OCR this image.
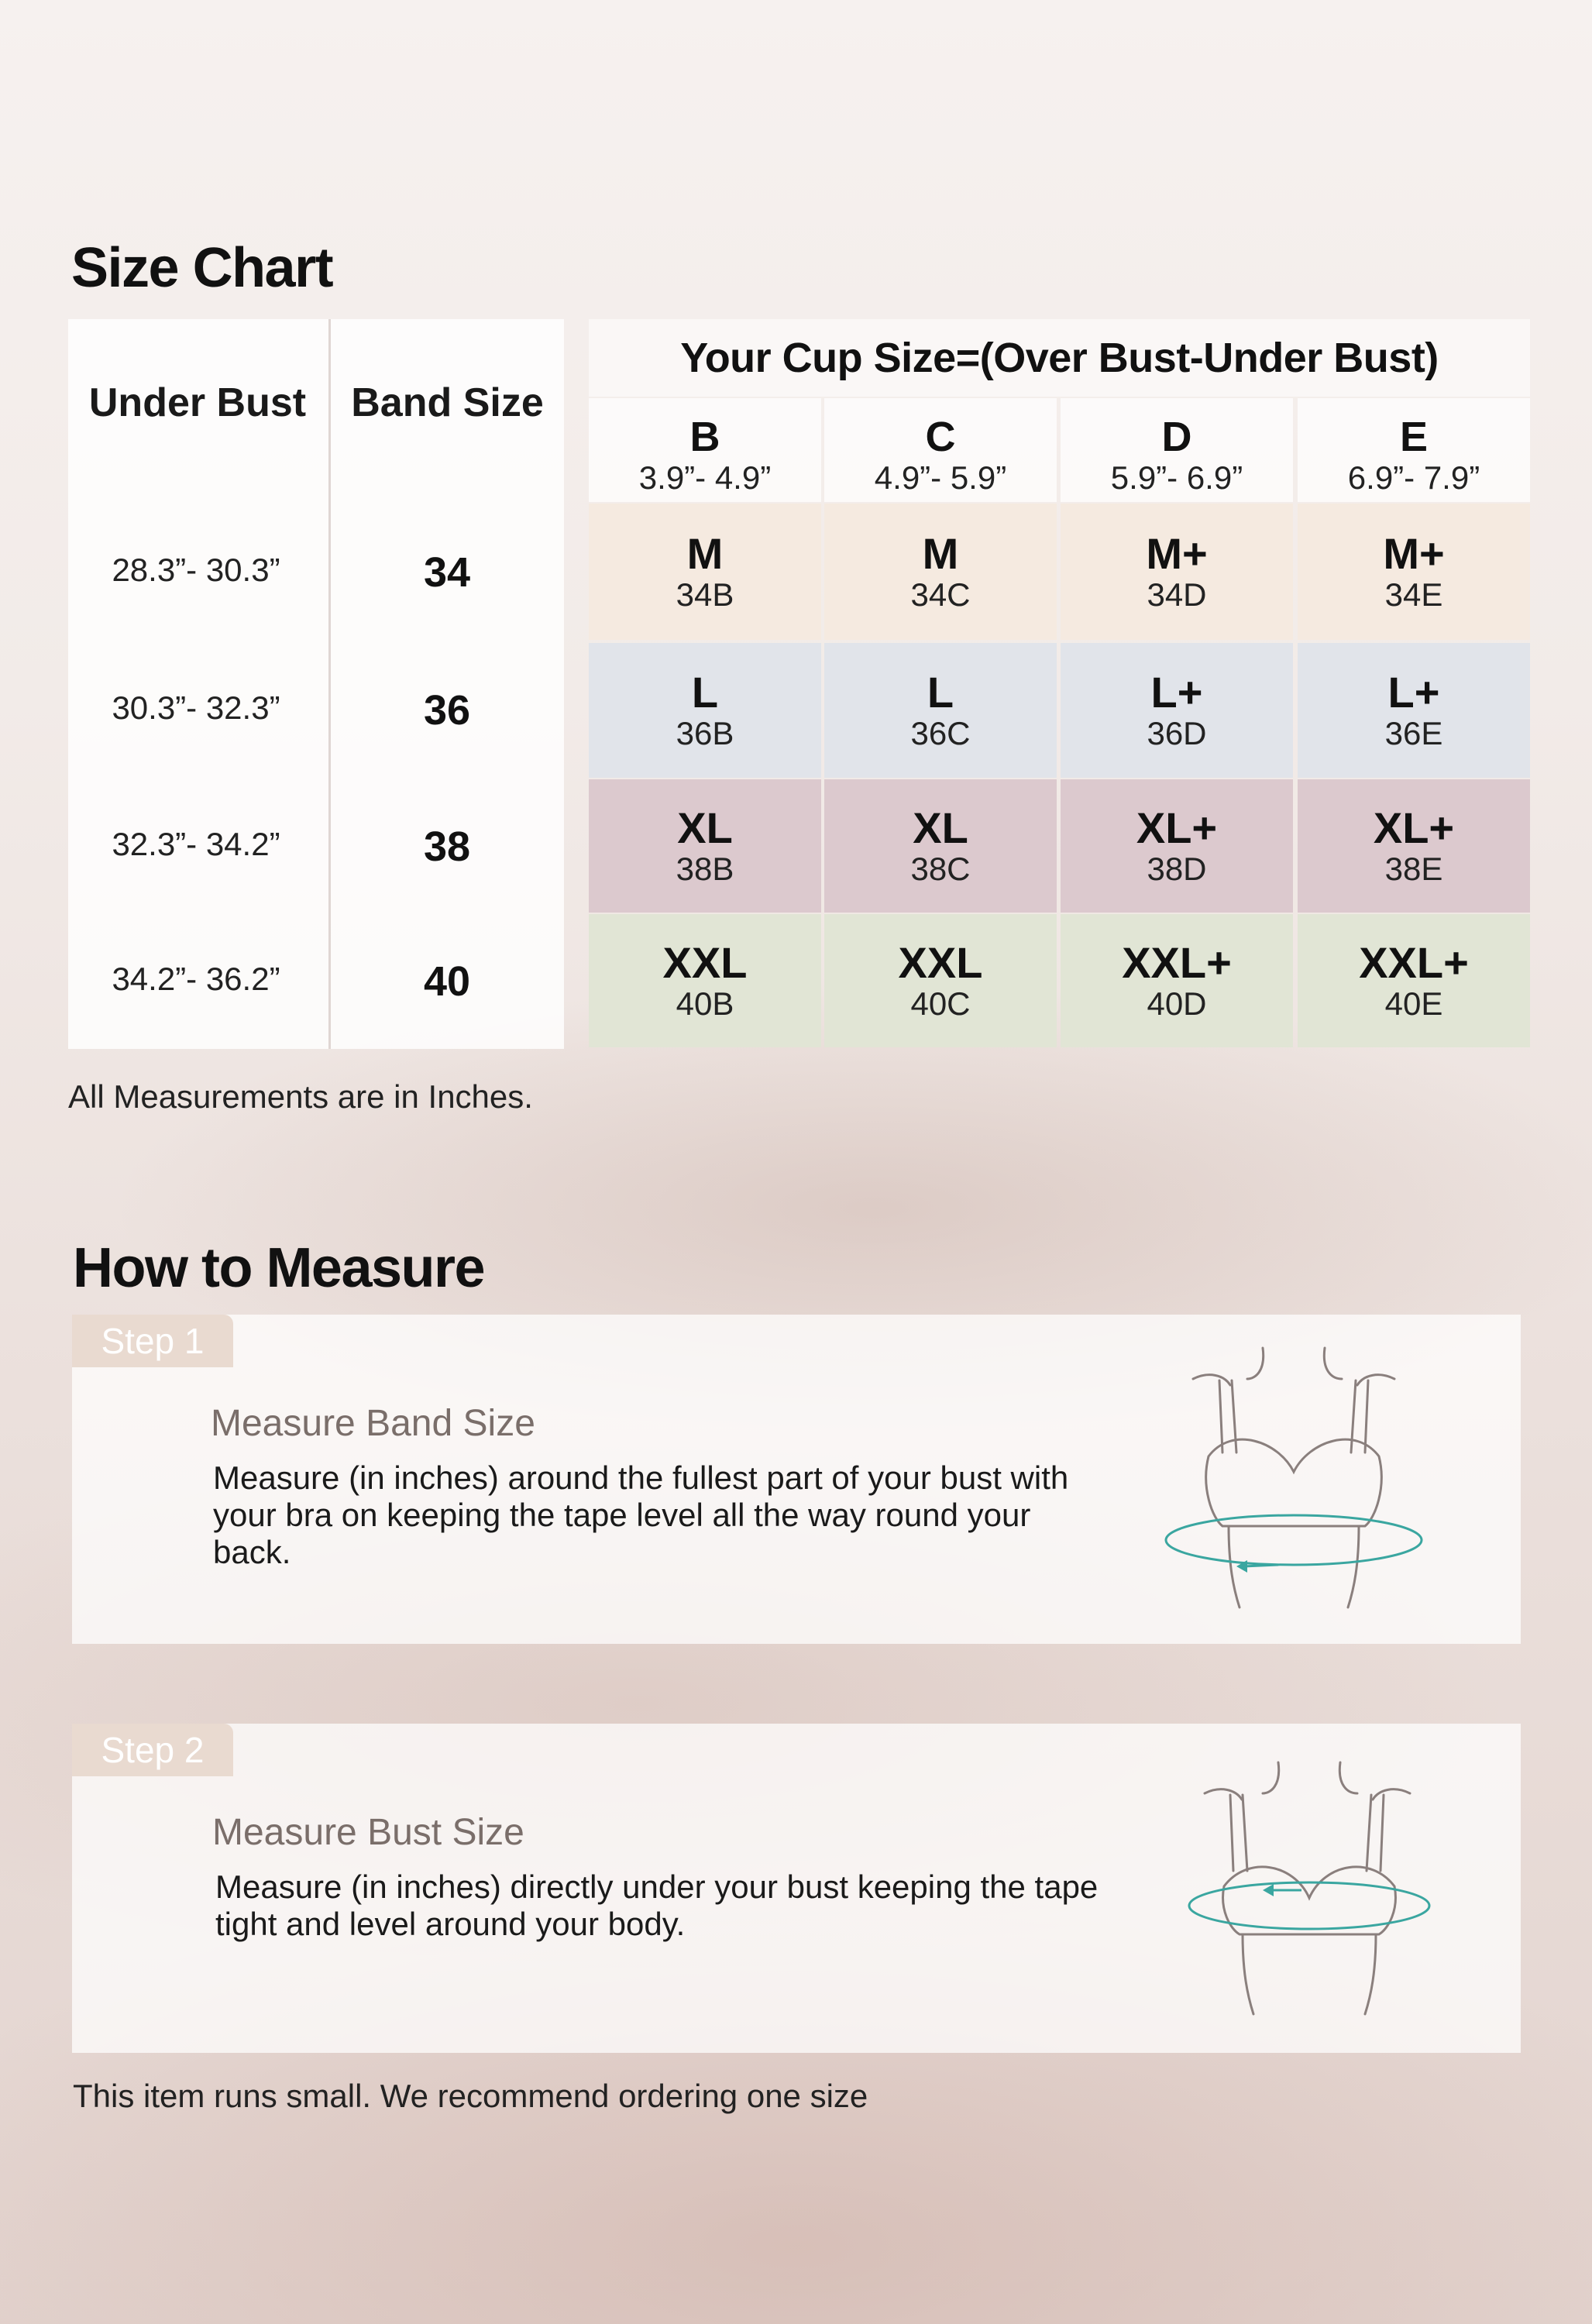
Size Chart
Under Bust	Band Size
28.3”- 30.3”
30.3”- 32.3”
32.3”- 34.2”
34.2”- 36.2”
34
36
38
40
Your Cup Size=(Over Bust-Under Bust)
B
3.9”- 4.9”
C
4.9”- 5.9”
D
5.9”- 6.9”
E
6.9”- 7.9”
M
34B
M
34C
M+
34D
M+
34E
L
36B
L
36C
L+
36D
L+
36E
XL
38B
XL
38C
XL+
38D
XL+
38E
XXL
40B
XXL
40C
XXL+
40D
XXL+
40E
All Measurements are in Inches.
How to Measure
Step 1
Measure Band Size
Measure (in inches) around the fullest part of your bust with your bra on keeping the tape level all the way round your back.
Step 2
Measure Bust Size
Measure (in inches) directly under your bust keeping the tape tight and level around your body.
This item runs small. We recommend ordering one size
